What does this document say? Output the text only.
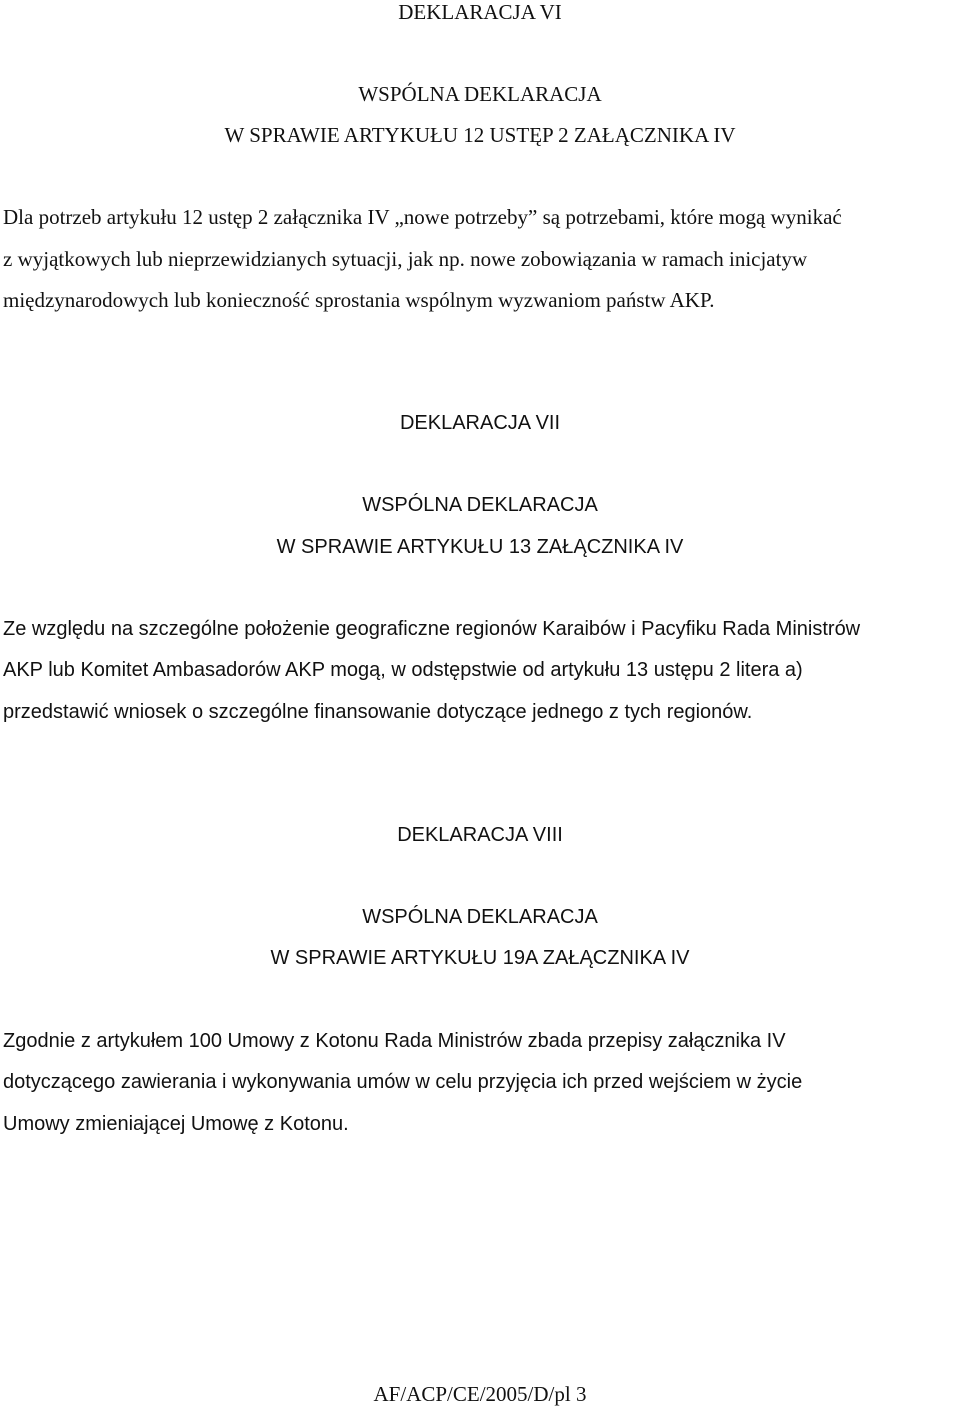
DEKLARACJA VI
WSPÓLNA DEKLARACJA
W SPRAWIE ARTYKUŁU 12 USTĘP 2 ZAŁĄCZNIKA IV
Dla potrzeb artykułu 12 ustęp 2 załącznika IV „nowe potrzeby” są potrzebami, które mogą wynikać
z wyjątkowych lub nieprzewidzianych sytuacji, jak np. nowe zobowiązania w ramach inicjatyw
międzynarodowych lub konieczność sprostania wspólnym wyzwaniom państw AKP.
DEKLARACJA VII
WSPÓLNA DEKLARACJA
W SPRAWIE ARTYKUŁU 13 ZAŁĄCZNIKA IV
Ze względu na szczególne położenie geograficzne regionów Karaibów i Pacyfiku Rada Ministrów
AKP lub Komitet Ambasadorów AKP mogą, w odstępstwie od artykułu 13 ustępu 2 litera a)
przedstawić wniosek o szczególne finansowanie dotyczące jednego z tych regionów.
DEKLARACJA VIII
WSPÓLNA DEKLARACJA
W SPRAWIE ARTYKUŁU 19A ZAŁĄCZNIKA IV
Zgodnie z artykułem 100 Umowy z Kotonu Rada Ministrów zbada przepisy załącznika IV
dotyczącego zawierania i wykonywania umów w celu przyjęcia ich przed wejściem w życie
Umowy zmieniającej Umowę z Kotonu.
AF/ACP/CE/2005/D/pl 3
